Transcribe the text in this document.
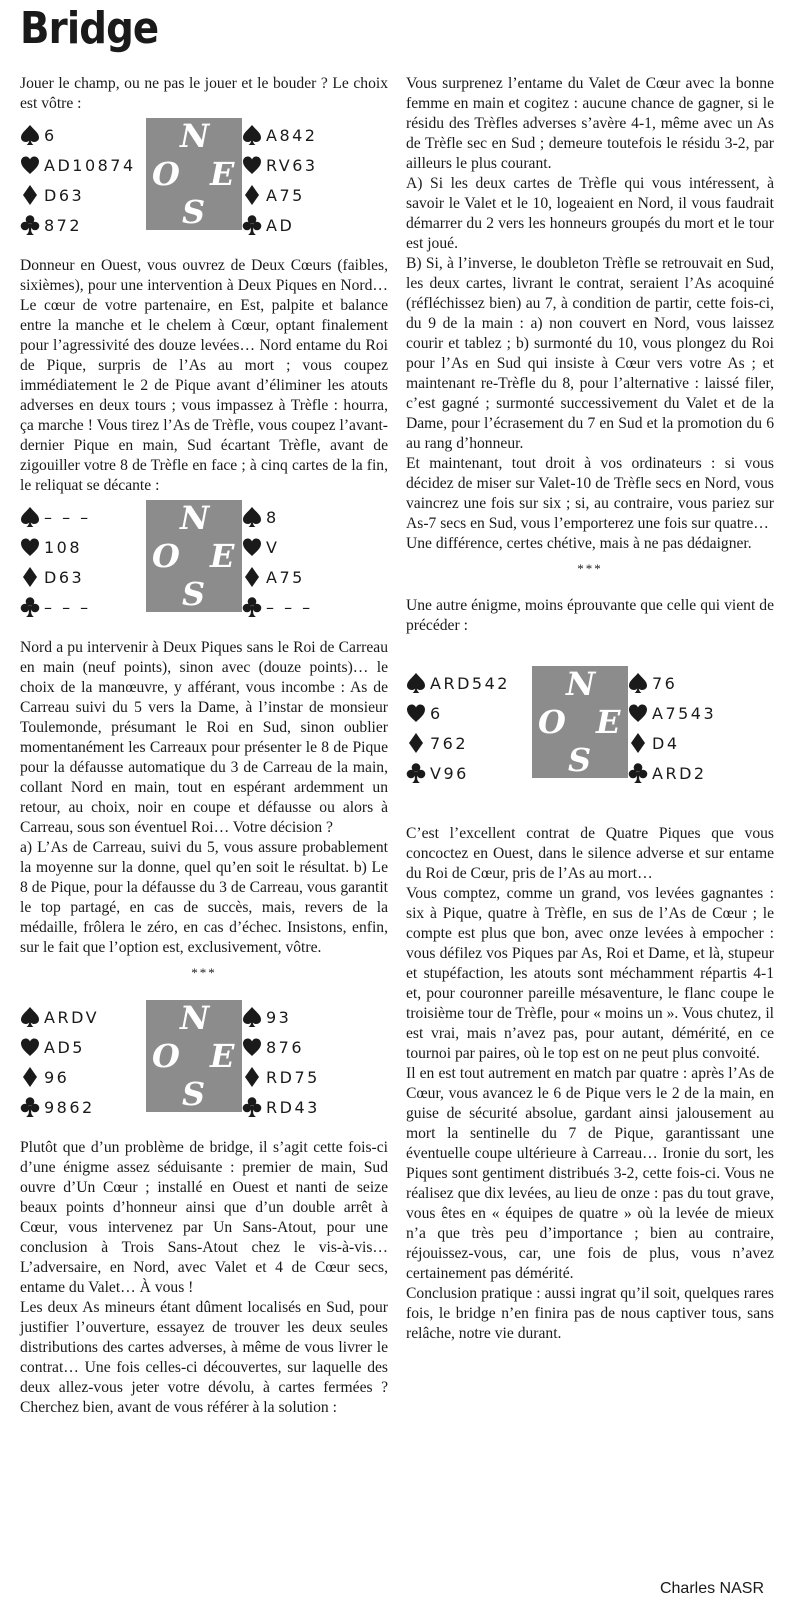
Bridge

Jouer le champ, ou ne pas le jouer et le bouder ? Le choix est vôtre :

6
AD10874
D63
872
A842
RV63
A75
AD
N
O E
S

Donneur en Ouest, vous ouvrez de Deux Cœurs (faibles, sixièmes), pour une intervention à Deux Piques en Nord… Le cœur de votre partenaire, en Est, palpite et balance entre la manche et le chelem à Cœur, optant finalement pour l’agressivité des douze levées… Nord entame du Roi de Pique, surpris de l’As au mort ; vous coupez immédiatement le 2 de Pique avant d’éliminer les atouts adverses en deux tours ; vous impassez à Trèfle : hourra, ça marche ! Vous tirez l’As de Trèfle, vous coupez l’avant-dernier Pique en main, Sud écartant Trèfle, avant de zigouiller votre 8 de Trèfle en face ; à cinq cartes de la fin, le reliquat se décante :

– – –
108
D63
– – –
8
V
A75
– – –
N
O E
S

Nord a pu intervenir à Deux Piques sans le Roi de Carreau en main (neuf points), sinon avec (douze points)… le choix de la manœuvre, y afférant, vous incombe : As de Carreau suivi du 5 vers la Dame, à l’instar de monsieur Toulemonde, présumant le Roi en Sud, sinon oublier momentanément les Carreaux pour présenter le 8 de Pique pour la défausse automatique du 3 de Carreau de la main, collant Nord en main, tout en espérant ardemment un retour, au choix, noir en coupe et défausse ou alors à Carreau, sous son éventuel Roi… Votre décision ?

a) L’As de Carreau, suivi du 5, vous assure probablement la moyenne sur la donne, quel qu’en soit le résultat. b) Le 8 de Pique, pour la défausse du 3 de Carreau, vous garantit le top partagé, en cas de succès, mais, revers de la médaille, frôlera le zéro, en cas d’échec. Insistons, enfin, sur le fait que l’option est, exclusivement, vôtre.

***
ARDV
AD5
96
9862
93
876
RD75
RD43
N
O E
S

Plutôt que d’un problème de bridge, il s’agit cette fois-ci d’une énigme assez séduisante : premier de main, Sud ouvre d’Un Cœur ; installé en Ouest et nanti de seize beaux points d’honneur ainsi que d’un double arrêt à Cœur, vous intervenez par Un Sans-Atout, pour une conclusion à Trois Sans-Atout chez le vis-à-vis… L’adversaire, en Nord, avec Valet et 4 de Cœur secs, entame du Valet… À vous !

Les deux As mineurs étant dûment localisés en Sud, pour justifier l’ouverture, essayez de trouver les deux seules distributions des cartes adverses, à même de vous livrer le contrat… Une fois celles-ci découvertes, sur laquelle des deux allez-vous jeter votre dévolu, à cartes fermées ? Cherchez bien, avant de vous référer à la solution :

Vous surprenez l’entame du Valet de Cœur avec la bonne femme en main et cogitez : aucune chance de gagner, si le résidu des Trèfles adverses s’avère 4-1, même avec un As de Trèfle sec en Sud ; demeure toutefois le résidu 3-2, par ailleurs le plus courant.

A) Si les deux cartes de Trèfle qui vous intéressent, à savoir le Valet et le 10, logeaient en Nord, il vous faudrait démarrer du 2 vers les honneurs groupés du mort et le tour est joué.

B) Si, à l’inverse, le doubleton Trèfle se retrouvait en Sud, les deux cartes, livrant le contrat, seraient l’As acoquiné (réfléchissez bien) au 7, à condition de partir, cette fois-ci, du 9 de la main : a) non couvert en Nord, vous laissez courir et tablez ; b) surmonté du 10, vous plongez du Roi pour l’As en Sud qui insiste à Cœur vers votre As ; et maintenant re-Trèfle du 8, pour l’alternative : laissé filer, c’est gagné ; surmonté successivement du Valet et de la Dame, pour l’écrasement du 7 en Sud et la promotion du 6 au rang d’honneur.

Et maintenant, tout droit à vos ordinateurs : si vous décidez de miser sur Valet-10 de Trèfle secs en Nord, vous vaincrez une fois sur six ; si, au contraire, vous pariez sur As-7 secs en Sud, vous l’emporterez une fois sur quatre…

Une différence, certes chétive, mais à ne pas dédaigner.

***

Une autre énigme, moins éprouvante que celle qui vient de précéder :

ARD542
6
762
V96
76
A7543
D4
ARD2
N
O E
S

C’est l’excellent contrat de Quatre Piques que vous concoctez en Ouest, dans le silence adverse et sur entame du Roi de Cœur, pris de l’As au mort…

Vous comptez, comme un grand, vos levées gagnantes : six à Pique, quatre à Trèfle, en sus de l’As de Cœur ; le compte est plus que bon, avec onze levées à empocher : vous défilez vos Piques par As, Roi et Dame, et là, stupeur et stupéfaction, les atouts sont méchamment répartis 4-1 et, pour couronner pareille mésaventure, le flanc coupe le troisième tour de Trèfle, pour « moins un ». Vous chutez, il est vrai, mais n’avez pas, pour autant, démérité, en ce tournoi par paires, où le top est on ne peut plus convoité.

Il en est tout autrement en match par quatre : après l’As de Cœur, vous avancez le 6 de Pique vers le 2 de la main, en guise de sécurité absolue, gardant ainsi jalousement au mort la sentinelle du 7 de Pique, garantissant une éventuelle coupe ultérieure à Carreau… Ironie du sort, les Piques sont gentiment distribués 3-2, cette fois-ci. Vous ne réalisez que dix levées, au lieu de onze : pas du tout grave, vous êtes en « équipes de quatre » où la levée de mieux n’a que très peu d’importance ; bien au contraire, réjouissez-vous, car, une fois de plus, vous n’avez certainement pas démérité.

Conclusion pratique : aussi ingrat qu’il soit, quelques rares fois, le bridge n’en finira pas de nous captiver tous, sans relâche, notre vie durant.

Charles NASR
